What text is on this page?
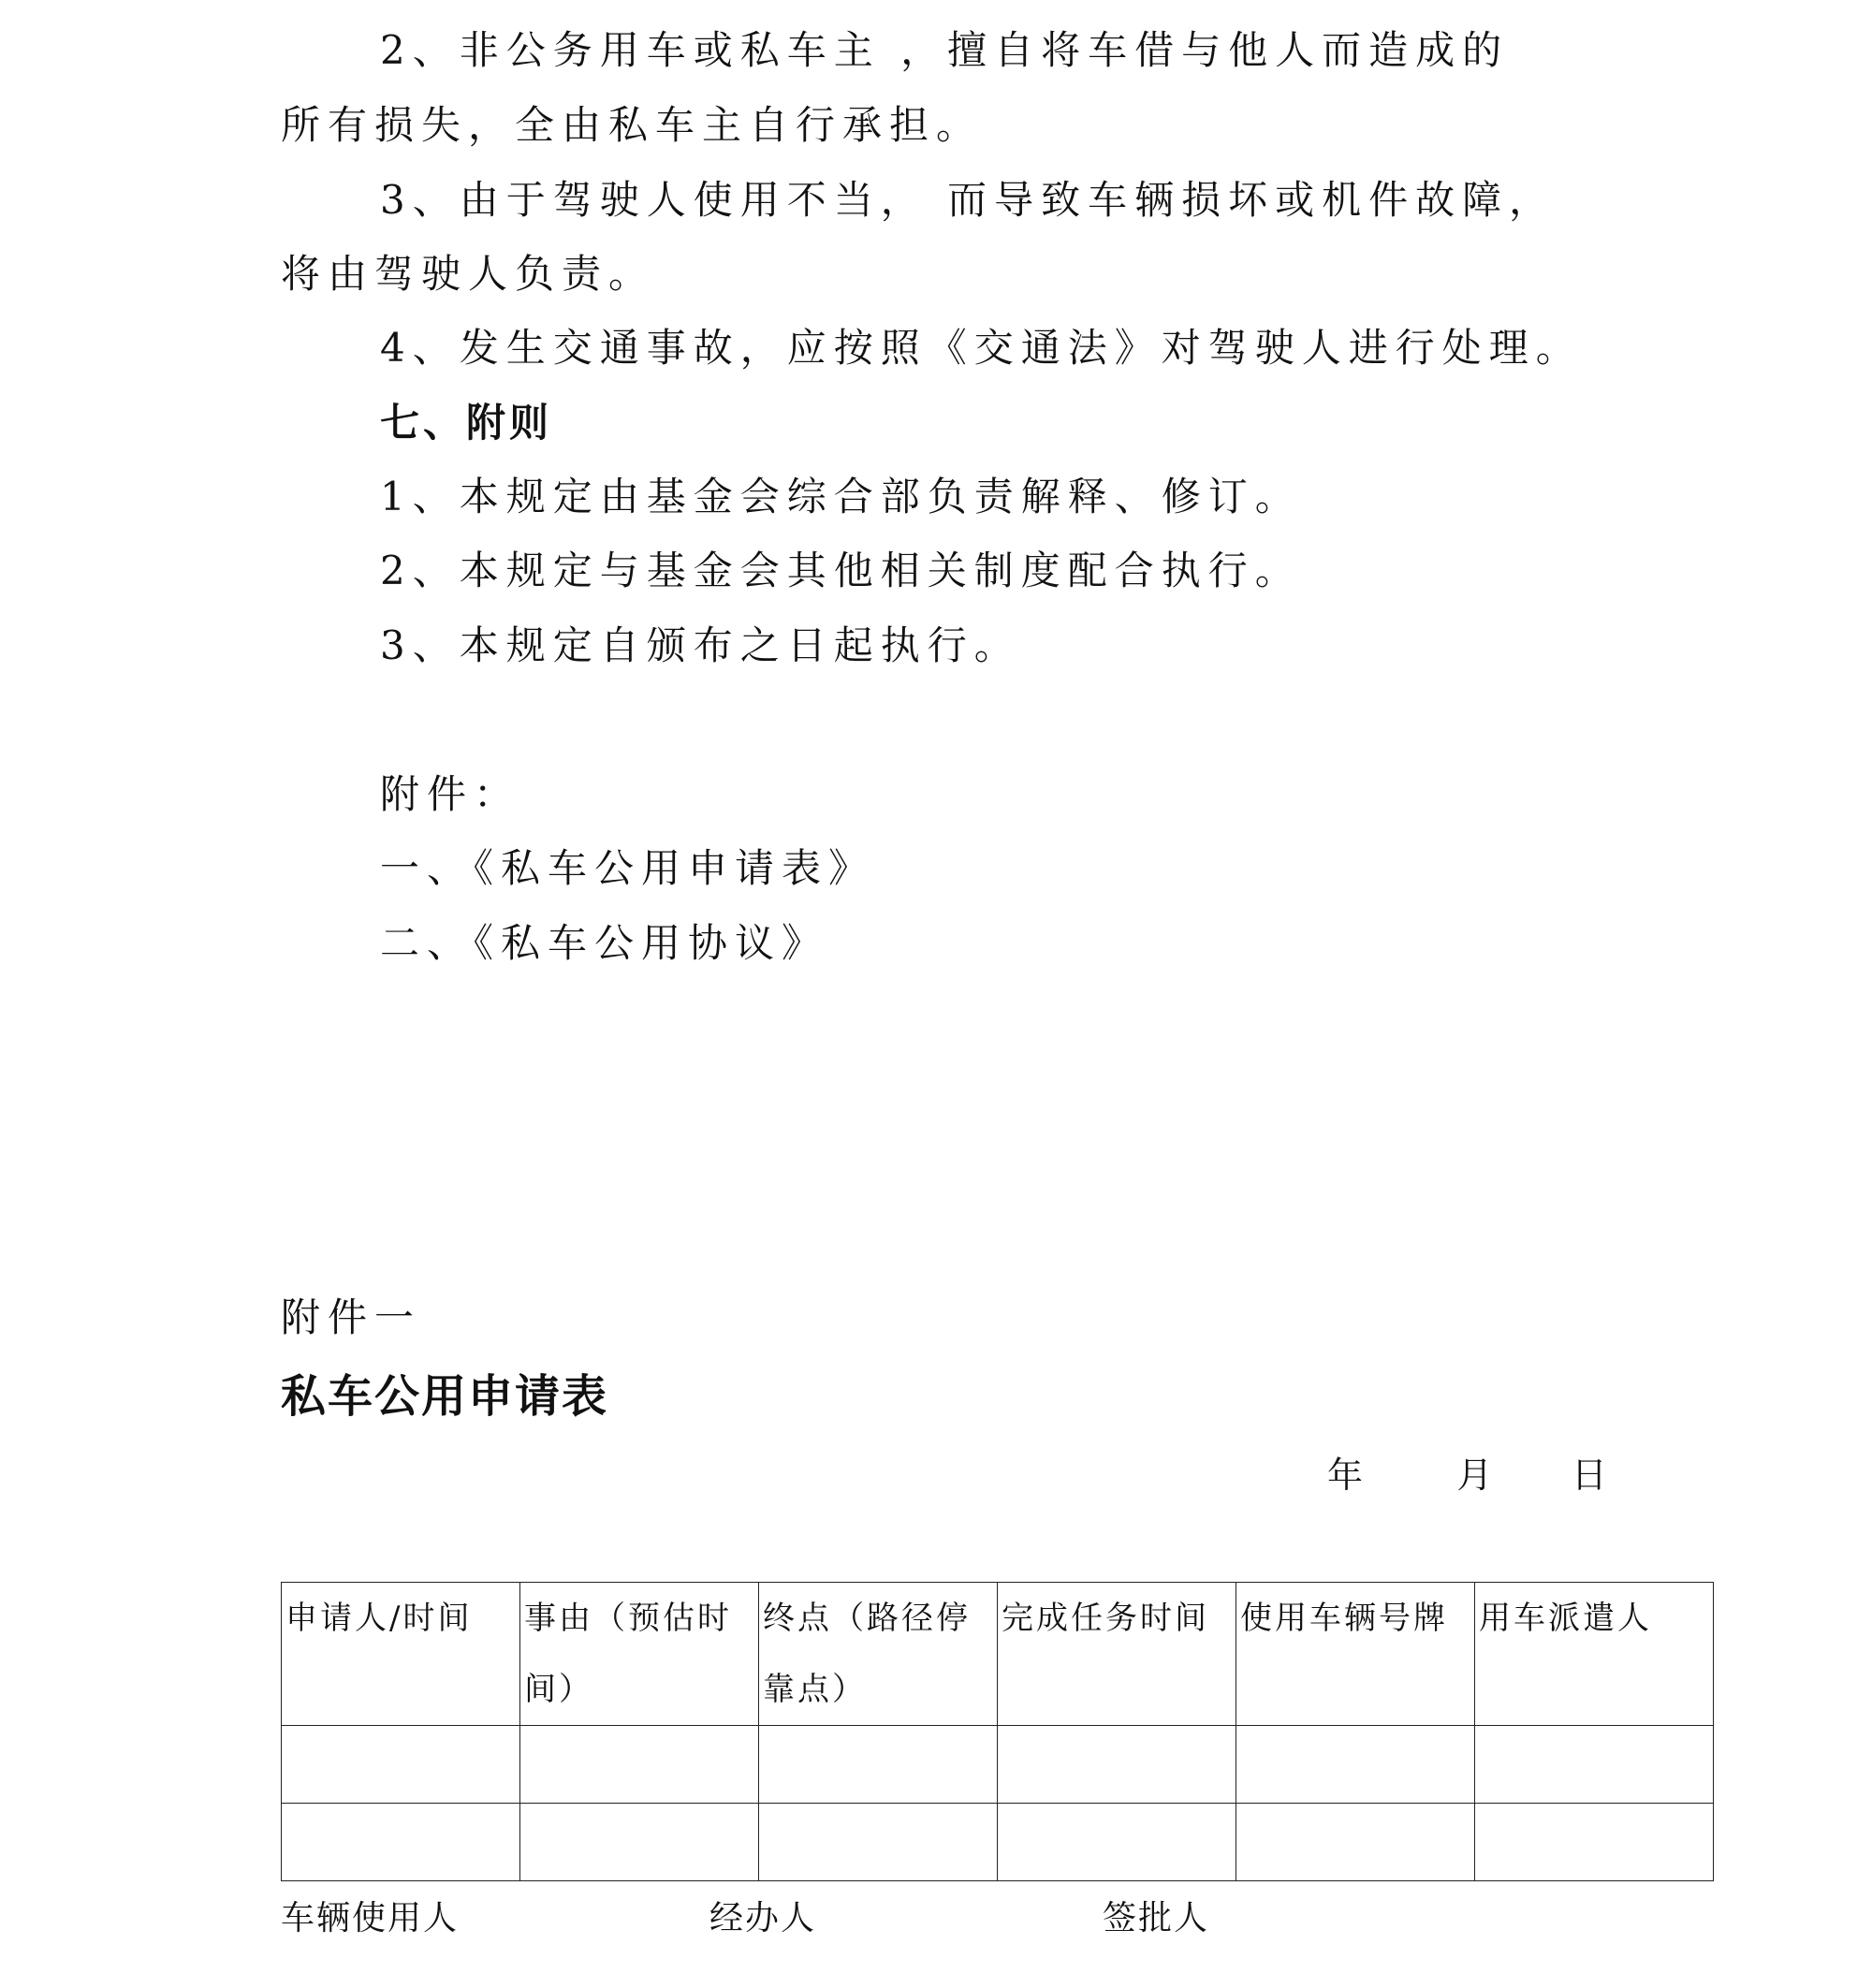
2、非公务用车或私车主 ，擅自将车借与他人而造成的
所有损失，全由私车主自行承担。
3、由于驾驶人使用不当， 而导致车辆损坏或机件故障，
将由驾驶人负责。
4、发生交通事故，应按照《交通法》对驾驶人进行处理。
七、附则
1、本规定由基金会综合部负责解释、修订。
2、本规定与基金会其他相关制度配合执行。
3、本规定自颁布之日起执行。
附件：
一、《私车公用申请表》
二、《私车公用协议》
附件一
私车公用申请表
年      月     日
申请人/时间	事由（预估时间）	终点（路径停靠点）	完成任务时间	使用车辆号牌	用车派遣人

车辆使用人	经办人	签批人
